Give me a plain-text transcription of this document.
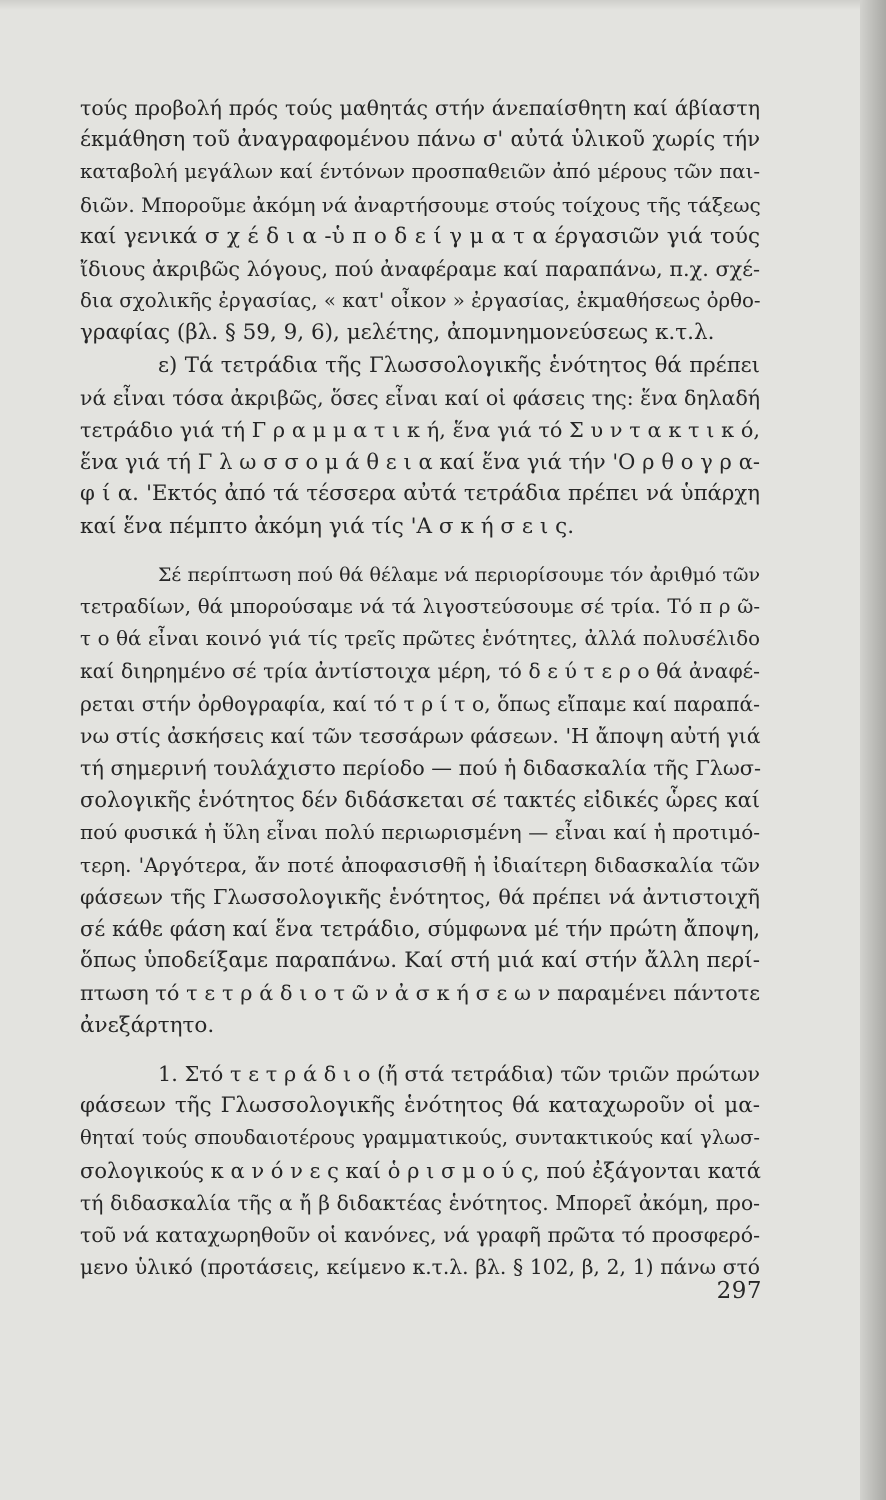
τούς προβολή πρός τούς μαθητάς στήν άνεπαίσθητη καί άβίαστη
έκμάθηση τοῦ ἀναγραφομένου πάνω σ' αὐτά ὑλικοῦ χωρίς τήν
καταβολή μεγάλων καί έντόνων προσπαθειῶν ἀπό μέρους τῶν παι-
διῶν. Μποροῦμε ἀκόμη νά ἀναρτήσουμε στούς τοίχους τῆς τάξεως
καί γενικά σ χ έ δ ι α -ὑ π ο δ ε ί γ μ α τ α έργασιῶν γιά τούς
ἴδιους ἀκριβῶς λόγους, πού ἀναφέραμε καί παραπάνω, π.χ. σχέ-
δια σχολικῆς ἐργασίας, « κατ' οἶκον » ἐργασίας, ἐκμαθήσεως ὀρθο-
γραφίας (βλ. § 59, 9, 6), μελέτης, ἀπομνημονεύσεως κ.τ.λ.
ε) Τά τετράδια τῆς Γλωσσολογικῆς ἑνότητος θά πρέπει
νά εἶναι τόσα ἀκριβῶς, ὅσες εἶναι καί οἱ φάσεις της: ἕνα δηλαδή
τετράδιο γιά τή Γ ρ α μ μ α τ ι κ ή, ἕνα γιά τό Σ υ ν τ α κ τ ι κ ό,
ἕνα γιά τή Γ λ ω σ σ ο μ ά θ ε ι α καί ἕνα γιά τήν 'Ο ρ θ ο γ ρ α-
φ ί α. 'Εκτός ἀπό τά τέσσερα αὐτά τετράδια πρέπει νά ὑπάρχη
καί ἕνα πέμπτο ἀκόμη γιά τίς 'Α σ κ ή σ ε ι ς.
Σέ περίπτωση πού θά θέλαμε νά περιορίσουμε τόν ἀριθμό τῶν
τετραδίων, θά μπορούσαμε νά τά λιγοστεύσουμε σέ τρία. Τό π ρ ῶ-
τ ο θά εἶναι κοινό γιά τίς τρεῖς πρῶτες ἑνότητες, ἀλλά πολυσέλιδο
καί διηρημένο σέ τρία ἀντίστοιχα μέρη, τό δ ε ύ τ ε ρ ο θά ἀναφέ-
ρεται στήν ὀρθογραφία, καί τό τ ρ ί τ ο, ὅπως εἴπαμε καί παραπά-
νω στίς ἀσκήσεις καί τῶν τεσσάρων φάσεων. 'Η ἄποψη αὐτή γιά
τή σημερινή τουλάχιστο περίοδο — πού ἡ διδασκαλία τῆς Γλωσ-
σολογικῆς ἑνότητος δέν διδάσκεται σέ τακτές εἰδικές ὧρες καί
πού φυσικά ἡ ὕλη εἶναι πολύ περιωρισμένη — εἶναι καί ἡ προτιμό-
τερη. 'Αργότερα, ἄν ποτέ ἀποφασισθῆ ἡ ἰδιαίτερη διδασκαλία τῶν
φάσεων τῆς Γλωσσολογικῆς ἑνότητος, θά πρέπει νά ἀντιστοιχῆ
σέ κάθε φάση καί ἕνα τετράδιο, σύμφωνα μέ τήν πρώτη ἄποψη,
ὅπως ὑποδείξαμε παραπάνω. Καί στή μιά καί στήν ἄλλη περί-
πτωση τό τ ε τ ρ ά δ ι ο τ ῶ ν ἀ σ κ ή σ ε ω ν παραμένει πάντοτε
ἀνεξάρτητο.
1. Στό τ ε τ ρ ά δ ι ο (ἤ στά τετράδια) τῶν τριῶν πρώτων
φάσεων τῆς Γλωσσολογικῆς ἑνότητος θά καταχωροῦν οἱ μα-
θηταί τούς σπουδαιοτέρους γραμματικούς, συντακτικούς καί γλωσ-
σολογικούς κ α ν ό ν ε ς καί ὁ ρ ι σ μ ο ύ ς, πού ἐξάγονται κατά
τή διδασκαλία τῆς α ἤ β διδακτέας ἑνότητος. Μπορεῖ ἀκόμη, προ-
τοῦ νά καταχωρηθοῦν οἱ κανόνες, νά γραφῆ πρῶτα τό προσφερό-
μενο ὑλικό (προτάσεις, κείμενο κ.τ.λ. βλ. § 102, β, 2, 1) πάνω στό
297
